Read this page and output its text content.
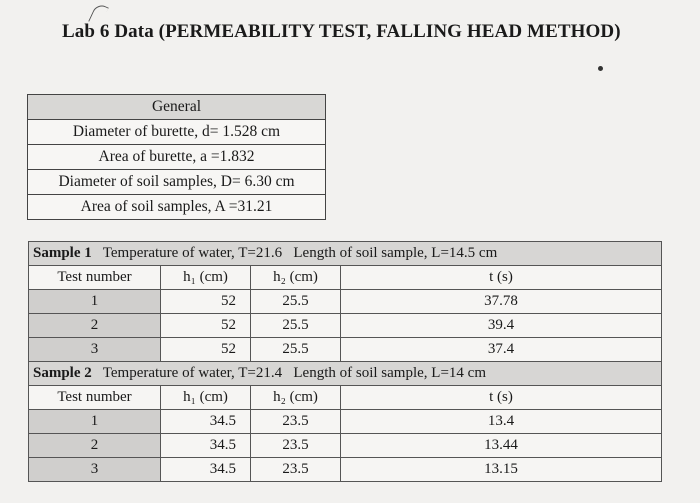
Lab 6 Data (PERMEABILITY TEST, FALLING HEAD METHOD)
General
Diameter of burette, d= 1.528 cm
Area of burette, a =1.832
Diameter of soil samples, D= 6.30 cm
Area of soil samples, A =31.21
Sample 1 Temperature of water, T=21.6 Length of soil sample, L=14.5 cm			
Test number	h₁ (cm)	h₂ (cm)	t (s)
1	52	25.5	37.78
2	52	25.5	39.4
3	52	25.5	37.4
Sample 2 Temperature of water, T=21.4 Length of soil sample, L=14 cm			
Test number	h₁ (cm)	h₂ (cm)	t (s)
1	34.5	23.5	13.4
2	34.5	23.5	13.44
3	34.5	23.5	13.15
